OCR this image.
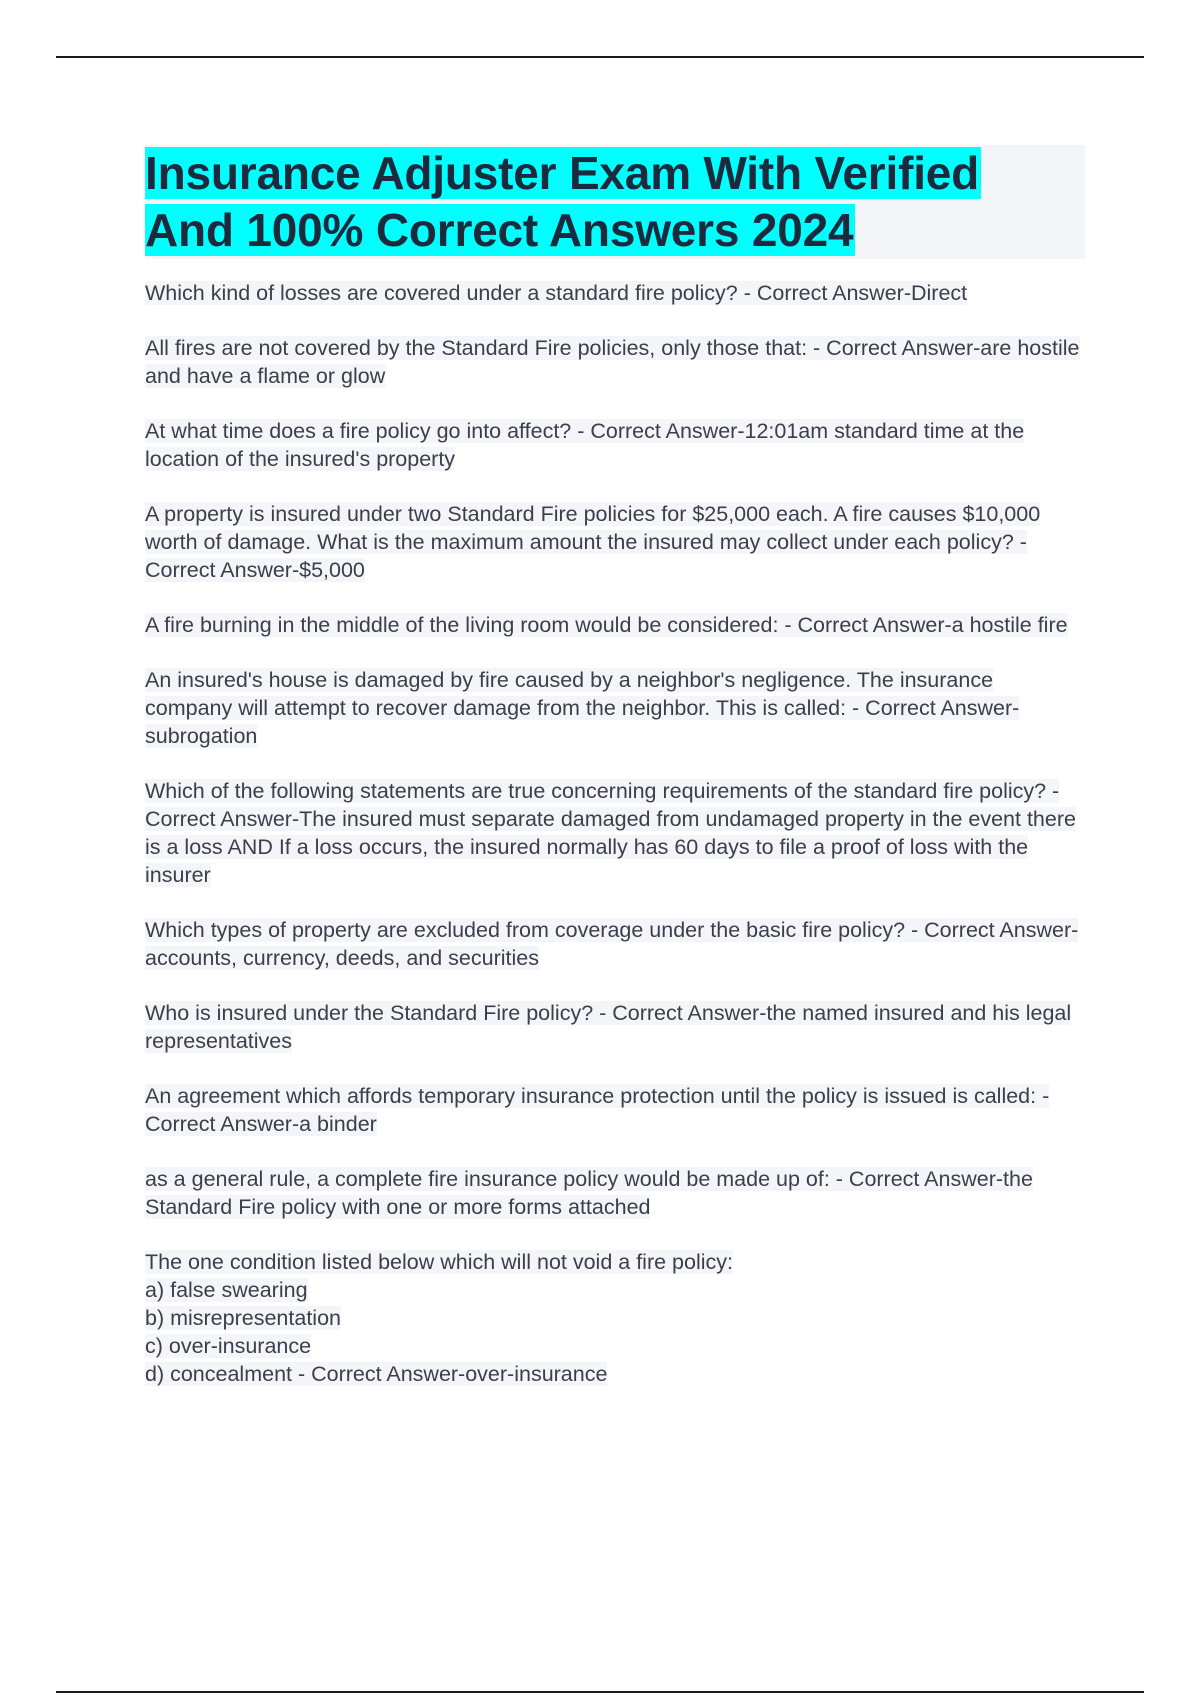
Insurance Adjuster Exam With Verified
And 100% Correct Answers 2024
Which kind of losses are covered under a standard fire policy? - Correct Answer-Direct
All fires are not covered by the Standard Fire policies, only those that: - Correct Answer-are hostile and have a flame or glow
At what time does a fire policy go into affect? - Correct Answer-12:01am standard time at the location of the insured's property
A property is insured under two Standard Fire policies for $25,000 each. A fire causes $10,000 worth of damage. What is the maximum amount the insured may collect under each policy? - Correct Answer-$5,000
A fire burning in the middle of the living room would be considered: - Correct Answer-a hostile fire
An insured's house is damaged by fire caused by a neighbor's negligence. The insurance company will attempt to recover damage from the neighbor. This is called: - Correct Answer-subrogation
Which of the following statements are true concerning requirements of the standard fire policy? - Correct Answer-The insured must separate damaged from undamaged property in the event there is a loss AND If a loss occurs, the insured normally has 60 days to file a proof of loss with the insurer
Which types of property are excluded from coverage under the basic fire policy? - Correct Answer-accounts, currency, deeds, and securities
Who is insured under the Standard Fire policy? - Correct Answer-the named insured and his legal representatives
An agreement which affords temporary insurance protection until the policy is issued is called: - Correct Answer-a binder
as a general rule, a complete fire insurance policy would be made up of: - Correct Answer-the Standard Fire policy with one or more forms attached
The one condition listed below which will not void a fire policy:
a) false swearing
b) misrepresentation
c) over-insurance
d) concealment - Correct Answer-over-insurance
